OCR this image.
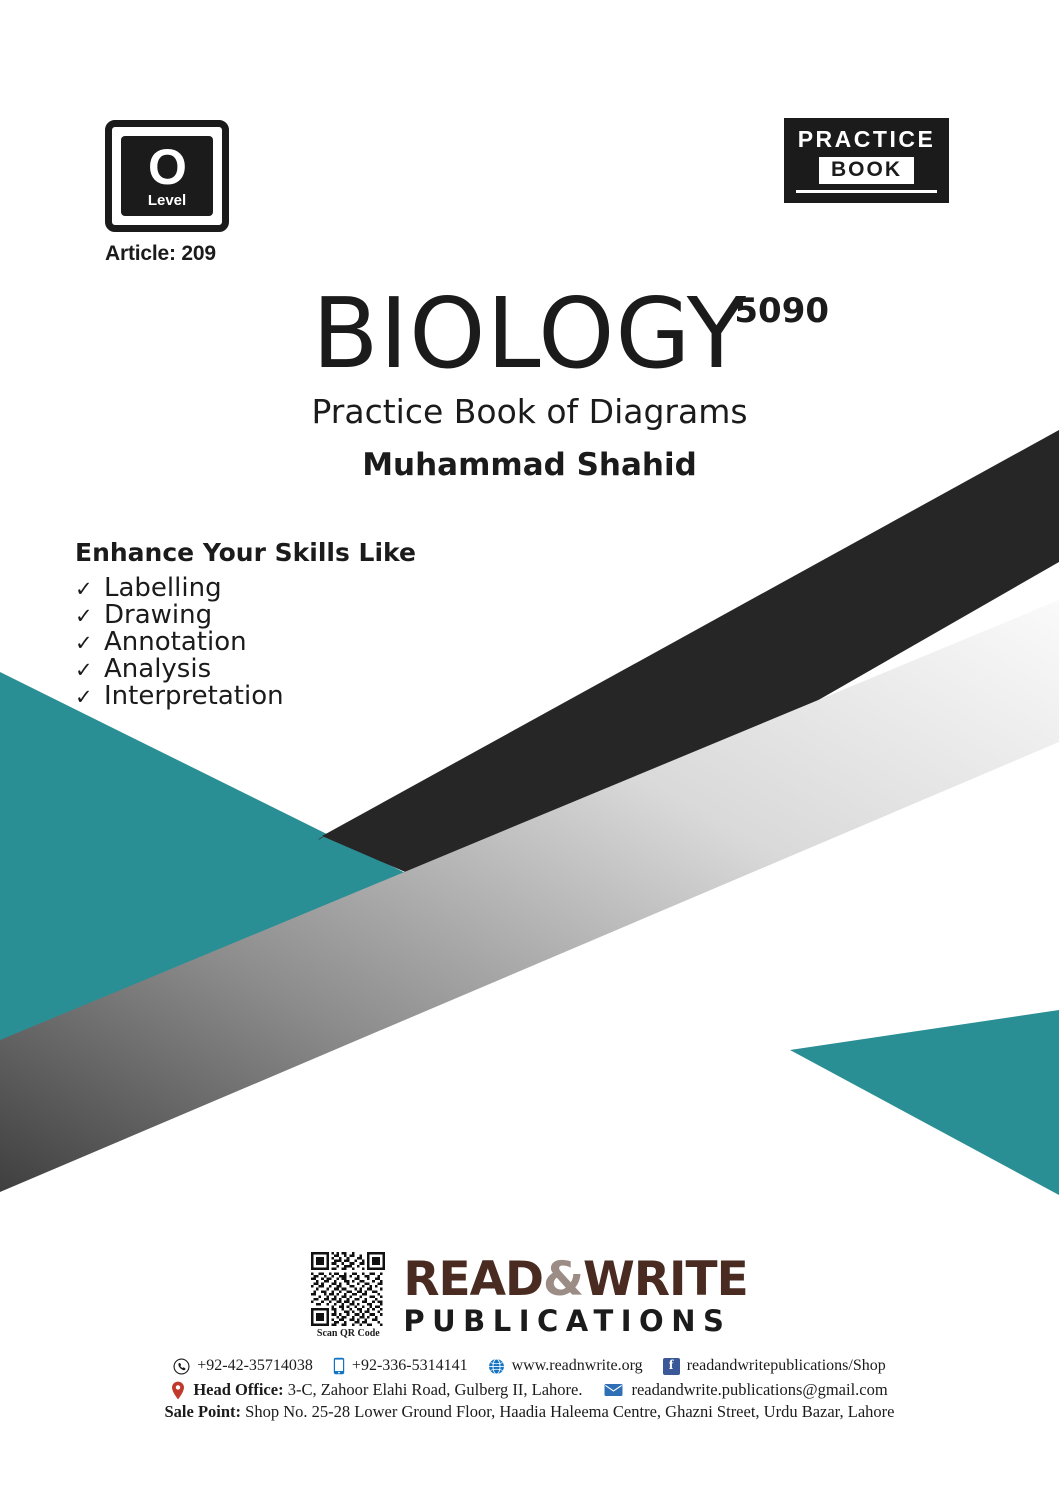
O
Level
Article: 209
PRACTICE
BOOK
BIOLOGY
5090
Practice Book of Diagrams
Muhammad Shahid
Enhance Your Skills Like
✓ Labelling
✓ Drawing
✓ Annotation
✓ Analysis
✓ Interpretation
Scan QR Code
READ&WRITE
PUBLICATIONS
+92-42-35714038 +92-336-5314141	www.readnwrite.org	f readandwritepublications/Shop
Head Office: 3-C, Zahoor Elahi Road, Gulberg II, Lahore.	readandwrite.publications@gmail.com
Sale Point: Shop No. 25-28 Lower Ground Floor, Haadia Haleema Centre, Ghazni Street, Urdu Bazar, Lahore
